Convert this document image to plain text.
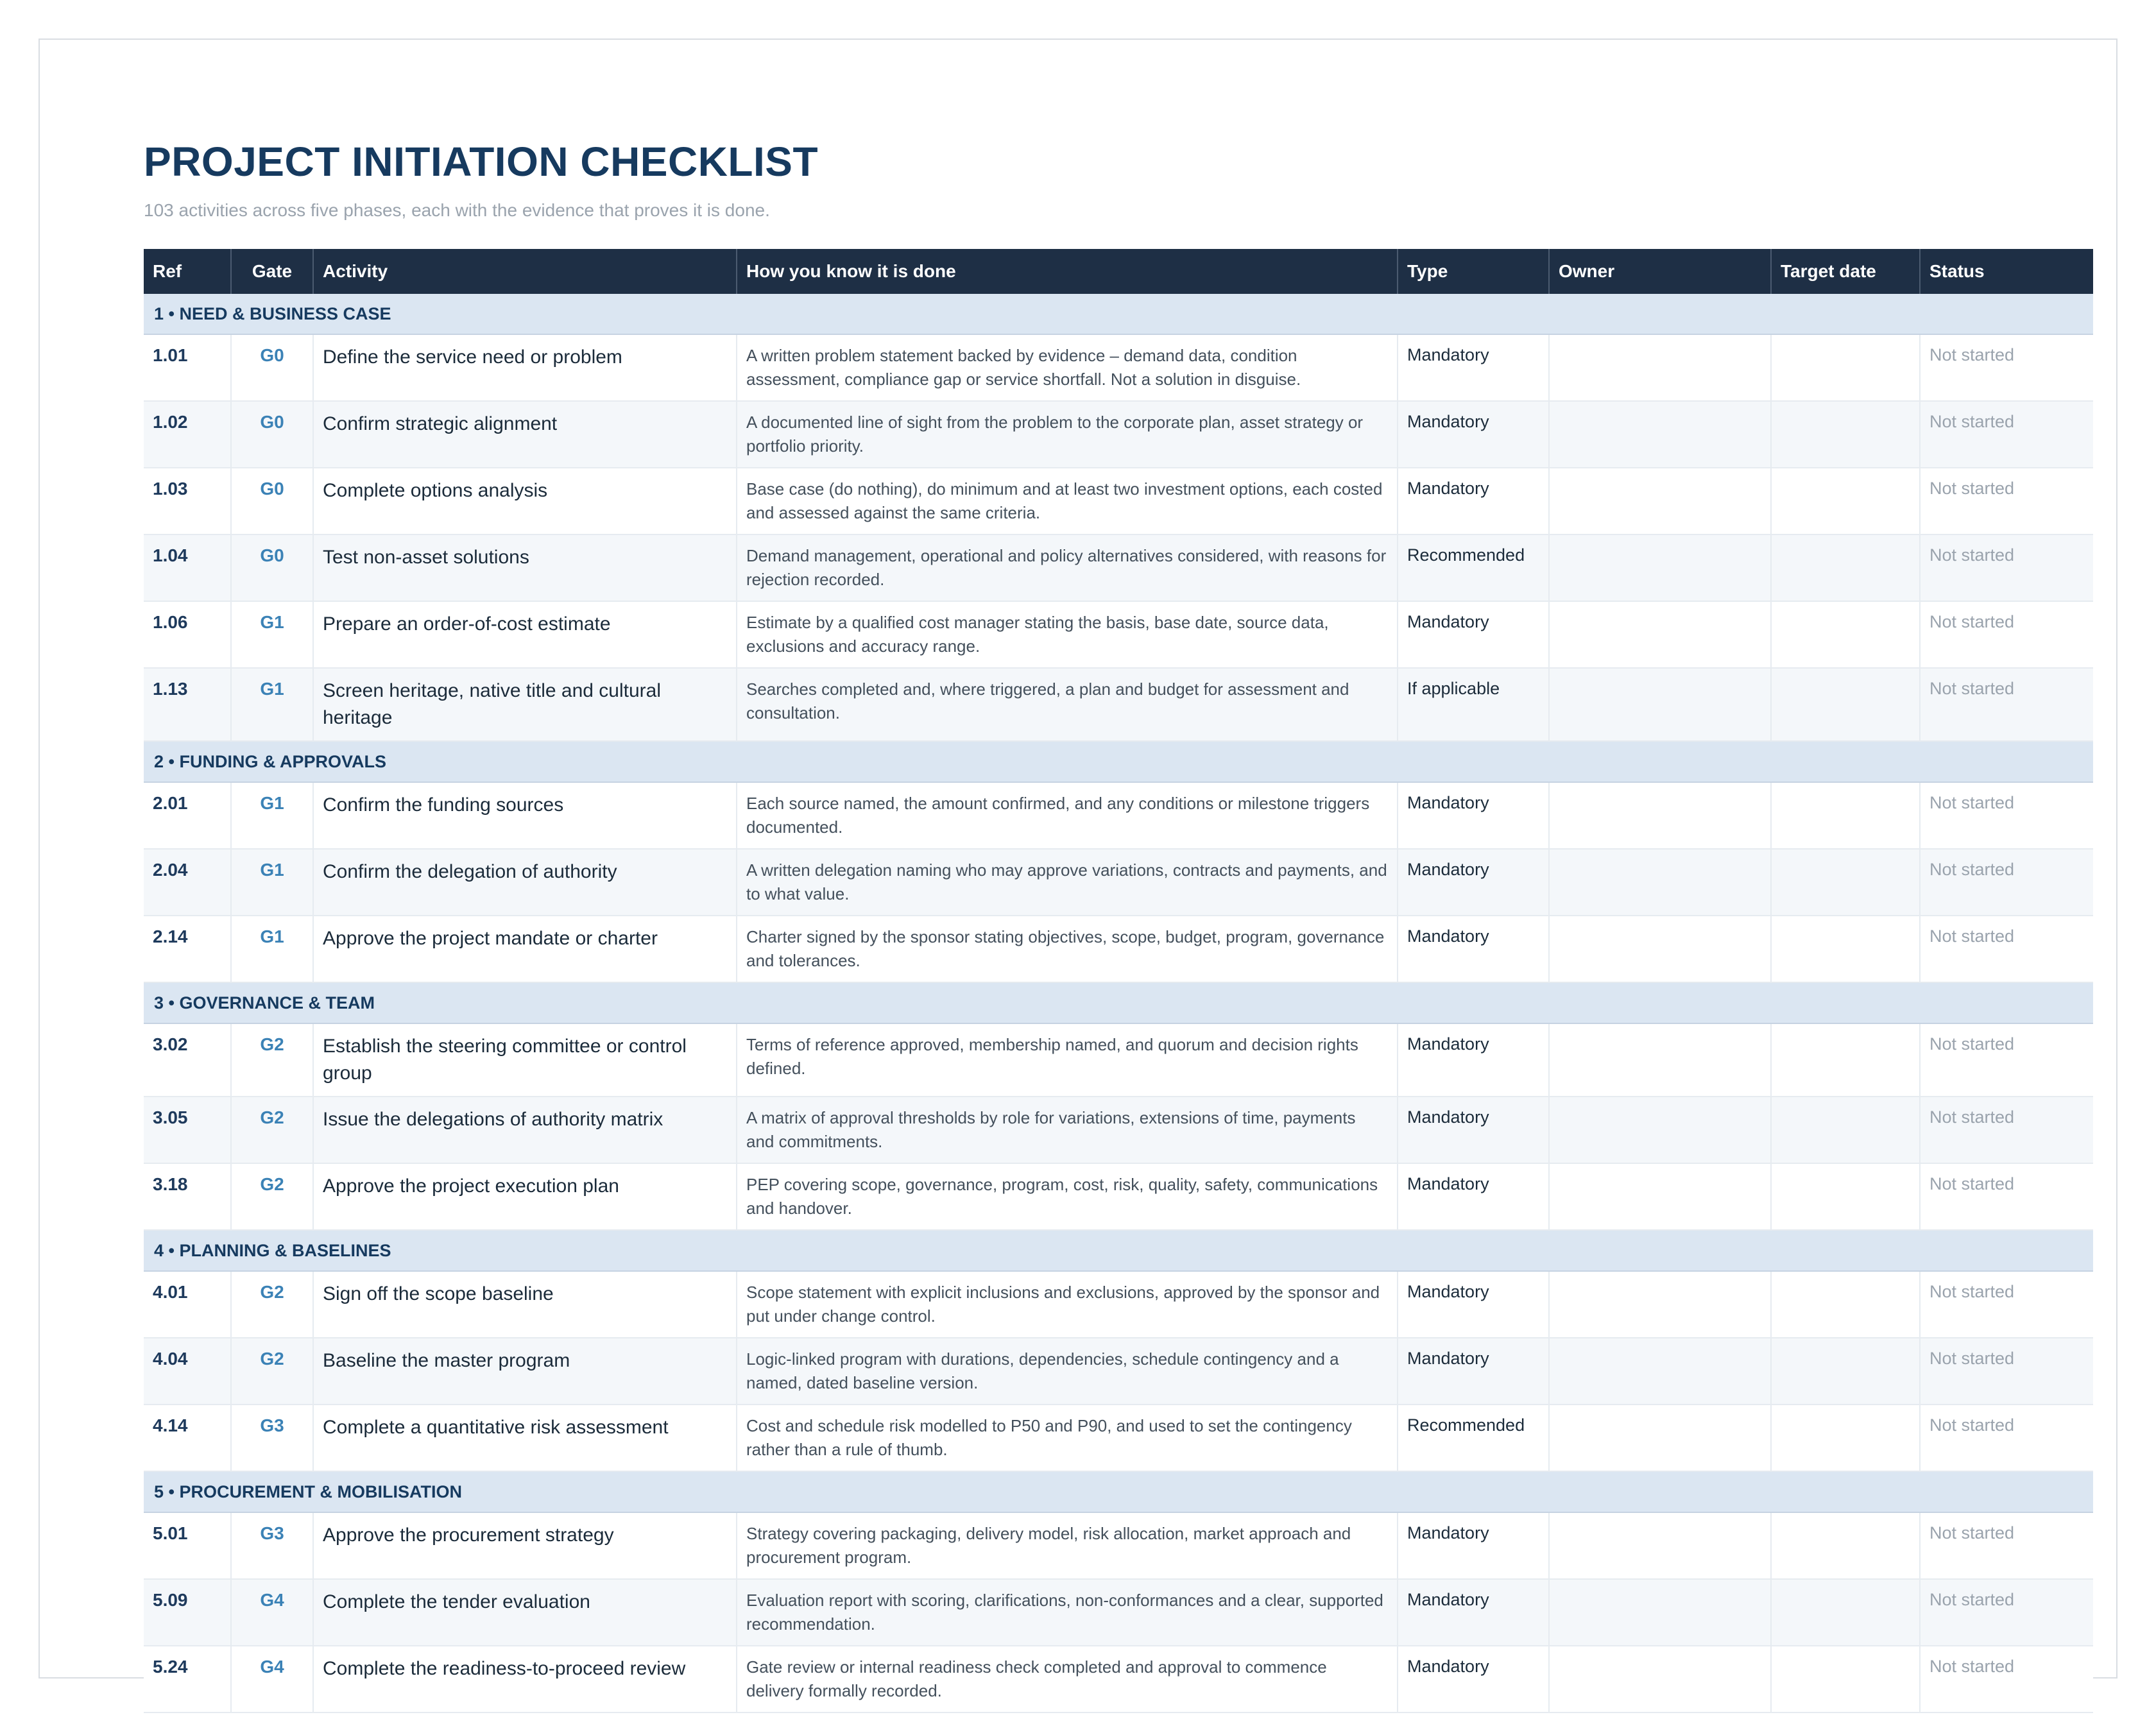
PROJECT INITIATION CHECKLIST
103 activities across five phases, each with the evidence that proves it is done.
Ref	Gate	Activity	How you know it is done	Type	Owner	Target date	Status
1 • NEED & BUSINESS CASE							
1.01	G0	Define the service need or problem	A written problem statement backed by evidence – demand data, condition assessment, compliance gap or service shortfall. Not a solution in disguise.	Mandatory			Not started
1.02	G0	Confirm strategic alignment	A documented line of sight from the problem to the corporate plan, asset strategy or portfolio priority.	Mandatory			Not started
1.03	G0	Complete options analysis	Base case (do nothing), do minimum and at least two investment options, each costed and assessed against the same criteria.	Mandatory			Not started
1.04	G0	Test non-asset solutions	Demand management, operational and policy alternatives considered, with reasons for rejection recorded.	Recommended			Not started
1.06	G1	Prepare an order-of-cost estimate	Estimate by a qualified cost manager stating the basis, base date, source data, exclusions and accuracy range.	Mandatory			Not started
1.13	G1	Screen heritage, native title and cultural heritage	Searches completed and, where triggered, a plan and budget for assessment and consultation.	If applicable			Not started
2 • FUNDING & APPROVALS							
2.01	G1	Confirm the funding sources	Each source named, the amount confirmed, and any conditions or milestone triggers documented.	Mandatory			Not started
2.04	G1	Confirm the delegation of authority	A written delegation naming who may approve variations, contracts and payments, and to what value.	Mandatory			Not started
2.14	G1	Approve the project mandate or charter	Charter signed by the sponsor stating objectives, scope, budget, program, governance and tolerances.	Mandatory			Not started
3 • GOVERNANCE & TEAM							
3.02	G2	Establish the steering committee or control group	Terms of reference approved, membership named, and quorum and decision rights defined.	Mandatory			Not started
3.05	G2	Issue the delegations of authority matrix	A matrix of approval thresholds by role for variations, extensions of time, payments and commitments.	Mandatory			Not started
3.18	G2	Approve the project execution plan	PEP covering scope, governance, program, cost, risk, quality, safety, communications and handover.	Mandatory			Not started
4 • PLANNING & BASELINES							
4.01	G2	Sign off the scope baseline	Scope statement with explicit inclusions and exclusions, approved by the sponsor and put under change control.	Mandatory			Not started
4.04	G2	Baseline the master program	Logic-linked program with durations, dependencies, schedule contingency and a named, dated baseline version.	Mandatory			Not started
4.14	G3	Complete a quantitative risk assessment	Cost and schedule risk modelled to P50 and P90, and used to set the contingency rather than a rule of thumb.	Recommended			Not started
5 • PROCUREMENT & MOBILISATION							
5.01	G3	Approve the procurement strategy	Strategy covering packaging, delivery model, risk allocation, market approach and procurement program.	Mandatory			Not started
5.09	G4	Complete the tender evaluation	Evaluation report with scoring, clarifications, non-conformances and a clear, supported recommendation.	Mandatory			Not started
5.24	G4	Complete the readiness-to-proceed review	Gate review or internal readiness check completed and approval to commence delivery formally recorded.	Mandatory			Not started
